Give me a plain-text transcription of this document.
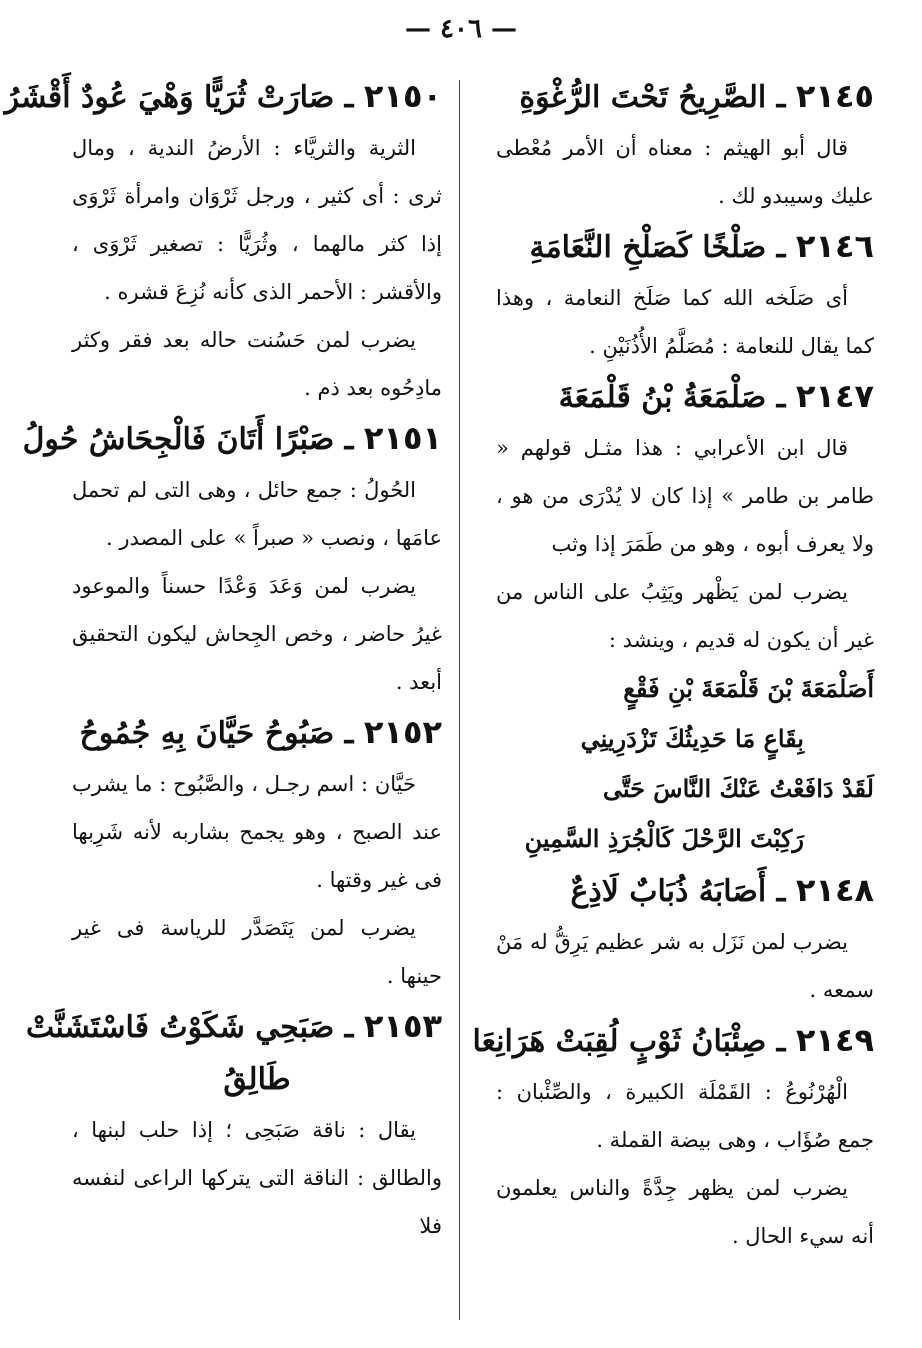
— ٤٠٦ —
٢١٤٥ ـ الصَّرِيحُ تَحْتَ الرُّغْوَةِ

قال أبو الهيثم : معناه أن الأمر مُعْطى عليك وسيبدو لك .

٢١٤٦ ـ صَلْخًا كَصَلْخِ النَّعَامَةِ

أى صَلَخه الله كما صَلَخ النعامة ، وهذا كما يقال للنعامة : مُصَلَّمُ الأُذُنَيْنِ .

٢١٤٧ ـ صَلْمَعَةُ بْنُ قَلْمَعَةَ

قال ابن الأعرابي : هذا مثـل قولهم « طامر بن طامر » إذا كان لا يُدْرَى من هو ، ولا يعرف أبوه ، وهو من طَمَرَ إذا وثب

يضرب لمن يَظْهر ويَثِبُ على الناس من غير أن يكون له قديم ، وينشد :

أَصَلْمَعَةَ بْنَ قَلْمَعَةَ بْنِ فَقْعٍ

بِقَاعٍ مَا حَدِيثُكَ تَزْدَرِينِي

لَقَدْ دَافَعْتُ عَنْكَ النَّاسَ حَتَّى

رَكِبْتَ الرَّحْلَ كَالْجُرَذِ السَّمِينِ

٢١٤٨ ـ أَصَابَهُ ذُبَابٌ لَاذِعٌ

يضرب لمن نَزَل به شر عظيم يَرِقُّ له مَنْ سمعه .

٢١٤٩ ـ صِئْبَانُ ثَوْبٍ لُقِبَتْ هَرَانِعَا

الْهُرْنُوعُ : القَمْلَة الكبيرة ، والصِّئْبان : جمع صُؤَاب ، وهى بيضة القملة .

يضرب لمن يظهر جِدَّةً والناس يعلمون أنه سيء الحال .

٢١٥٠ ـ صَارَتْ ثُرَيًّا وَهْيَ عُودٌ أَقْشَرُ

الثرية والثريَّاء : الأرضُ الندية ، ومال ثرى : أى كثير ، ورجل ثَرْوَان وامرأة ثَرْوَى إذا كثر مالهما ، وثُرَيًّا : تصغير ثَرْوَى ، والأقشر : الأحمر الذى كأنه نُزِعَ قشره .

يضرب لمن حَسُنت حاله بعد فقر وكثر مادِحُوه بعد ذم .

٢١٥١ ـ صَبْرًا أَتَانَ فَالْجِحَاشُ حُولُ

الحُولُ : جمع حائل ، وهى التى لم تحمل عامَها ، ونصب « صبراً » على المصدر .

يضرب لمن وَعَدَ وَعْدًا حسناً والموعود غيرُ حاضر ، وخص الجِحاش ليكون التحقيق أبعد .

٢١٥٢ ـ صَبُوحُ حَيَّانَ بِهِ جُمُوحُ

حَيَّان : اسم رجـل ، والصَّبُوح : ما يشرب عند الصبح ، وهو يجمح بشاربه لأنه شَرِبها فى غير وقتها .

يضرب لمن يَتَصَدَّر للرياسة فى غير حينها .

٢١٥٣ ـ صَبَحِي شَكَوْتُ فَاسْتَشَنَّتْ

طَالِقُ

يقال : ناقة صَبَحِى ؛ إذا حلب لبنها ، والطالق : الناقة التى يتركها الراعى لنفسه فلا
